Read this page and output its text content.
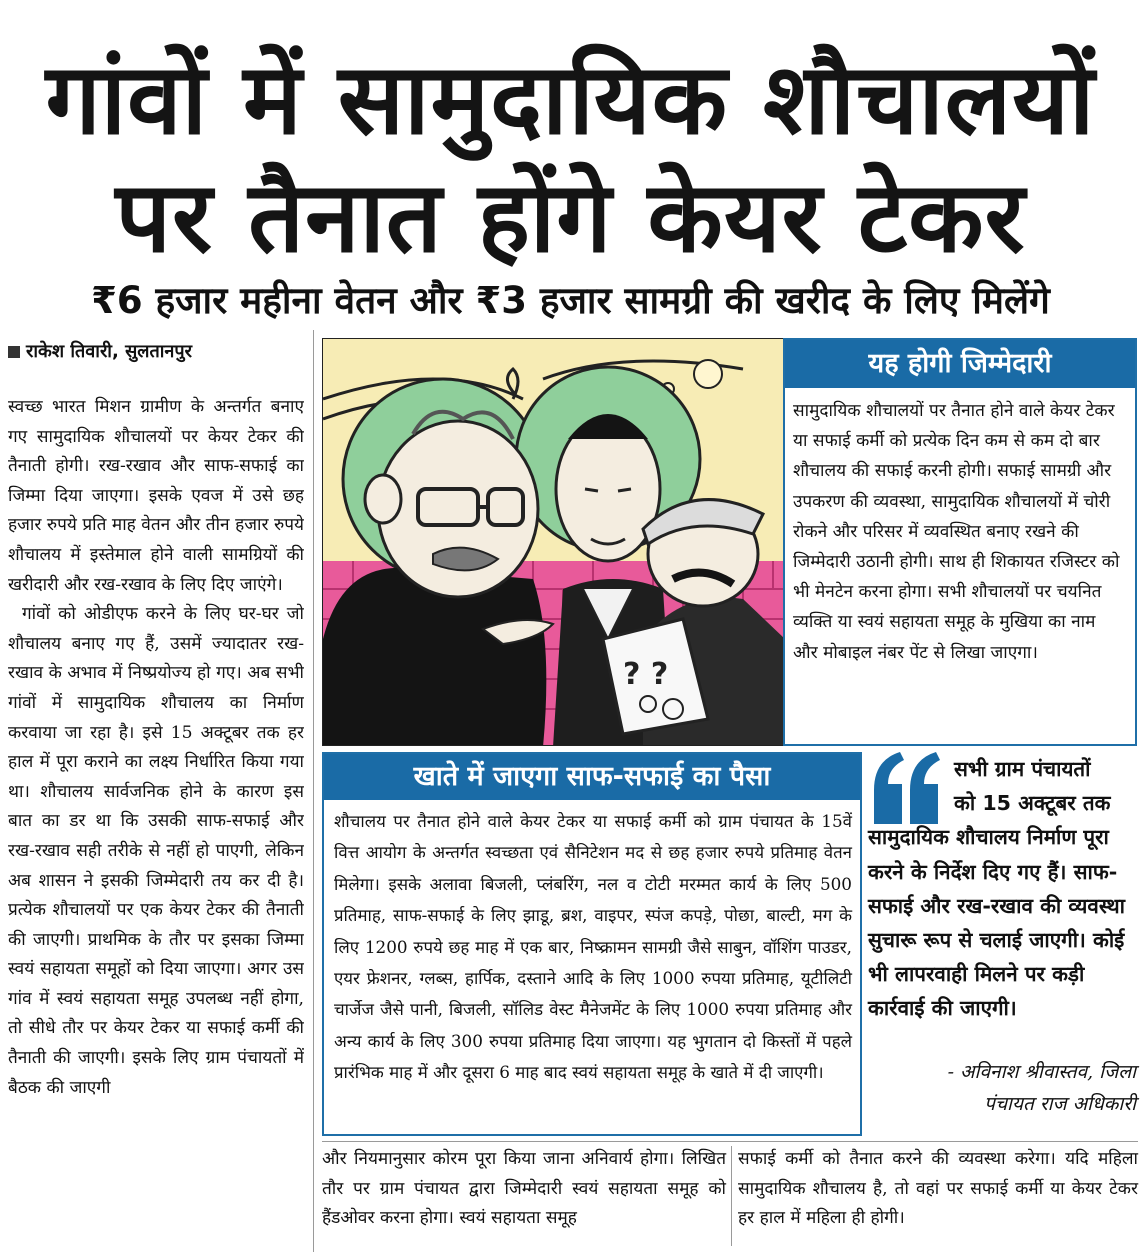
गांवों में सामुदायिक शौचालयों
पर तैनात होंगे केयर टेकर
₹6 हजार महीना वेतन और ₹3 हजार सामग्री की खरीद के लिए मिलेंगे
राकेश तिवारी, सुलतानपुर

स्वच्छ भारत मिशन ग्रामीण के अन्तर्गत बनाए गए सामुदायिक शौचालयों पर केयर टेकर की तैनाती होगी। रख-रखाव और साफ-सफाई का जिम्मा दिया जाएगा। इसके एवज में उसे छह हजार रुपये प्रति माह वेतन और तीन हजार रुपये शौचालय में इस्तेमाल होने वाली सामग्रियों की खरीदारी और रख-रखाव के लिए दिए जाएंगे।

गांवों को ओडीएफ करने के लिए घर-घर जो शौचालय बनाए गए हैं, उसमें ज्यादातर रख-रखाव के अभाव में निष्प्रयोज्य हो गए। अब सभी गांवों में सामुदायिक शौचालय का निर्माण करवाया जा रहा है। इसे 15 अक्टूबर तक हर हाल में पूरा कराने का लक्ष्य निर्धारित किया गया था। शौचालय सार्वजनिक होने के कारण इस बात का डर था कि उसकी साफ-सफाई और रख-रखाव सही तरीके से नहीं हो पाएगी, लेकिन अब शासन ने इसकी जिम्मेदारी तय कर दी है। प्रत्येक शौचालयों पर एक केयर टेकर की तैनाती की जाएगी। प्राथमिक के तौर पर इसका जिम्मा स्वयं सहायता समूहों को दिया जाएगा। अगर उस गांव में स्वयं सहायता समूह उपलब्ध नहीं होगा, तो सीधे तौर पर केयर टेकर या सफाई कर्मी की तैनाती की जाएगी। इसके लिए ग्राम पंचायतों में बैठक की जाएगी

? ?
यह होगी जिम्मेदारी
सामुदायिक शौचालयों पर तैनात होने वाले केयर टेकर या सफाई कर्मी को प्रत्येक दिन कम से कम दो बार शौचालय की सफाई करनी होगी। सफाई सामग्री और उपकरण की व्यवस्था, सामुदायिक शौचालयों में चोरी रोकने और परिसर में व्यवस्थित बनाए रखने की जिम्मेदारी उठानी होगी। साथ ही शिकायत रजिस्टर को भी मेनटेन करना होगा। सभी शौचालयों पर चयनित व्यक्ति या स्वयं सहायता समूह के मुखिया का नाम और मोबाइल नंबर पेंट से लिखा जाएगा।
खाते में जाएगा साफ-सफाई का पैसा
शौचालय पर तैनात होने वाले केयर टेकर या सफाई कर्मी को ग्राम पंचायत के 15वें वित्त आयोग के अन्तर्गत स्वच्छता एवं सैनिटेशन मद से छह हजार रुपये प्रतिमाह वेतन मिलेगा। इसके अलावा बिजली, प्लंबरिंग, नल व टोटी मरम्मत कार्य के लिए 500 प्रतिमाह, साफ-सफाई के लिए झाडू, ब्रश, वाइपर, स्पंज कपड़े, पोछा, बाल्टी, मग के लिए 1200 रुपये छह माह में एक बार, निष्क्रामन सामग्री जैसे साबुन, वॉशिंग पाउडर, एयर फ्रेशनर, ग्लब्स, हार्पिक, दस्ताने आदि के लिए 1000 रुपया प्रतिमाह, यूटीलिटी चार्जेज जैसे पानी, बिजली, सॉलिड वेस्ट मैनेजमेंट के लिए 1000 रुपया प्रतिमाह और अन्य कार्य के लिए 300 रुपया प्रतिमाह दिया जाएगा। यह भुगतान दो किस्तों में पहले प्रारंभिक माह में और दूसरा 6 माह बाद स्वयं सहायता समूह के खाते में दी जाएगी।
सभी ग्राम पंचायतों
को 15 अक्टूबर तक
सामुदायिक शौचालय निर्माण पूरा करने के निर्देश दिए गए हैं। साफ-सफाई और रख-रखाव की व्यवस्था सुचारू रूप से चलाई जाएगी। कोई भी लापरवाही मिलने पर कड़ी कार्रवाई की जाएगी।
- अविनाश श्रीवास्तव, जिला
पंचायत राज अधिकारी
और नियमानुसार कोरम पूरा किया जाना अनिवार्य होगा। लिखित तौर पर ग्राम पंचायत द्वारा जिम्मेदारी स्वयं सहायता समूह को हैंडओवर करना होगा। स्वयं सहायता समूह
सफाई कर्मी को तैनात करने की व्यवस्था करेगा। यदि महिला सामुदायिक शौचालय है, तो वहां पर सफाई कर्मी या केयर टेकर हर हाल में महिला ही होगी।
